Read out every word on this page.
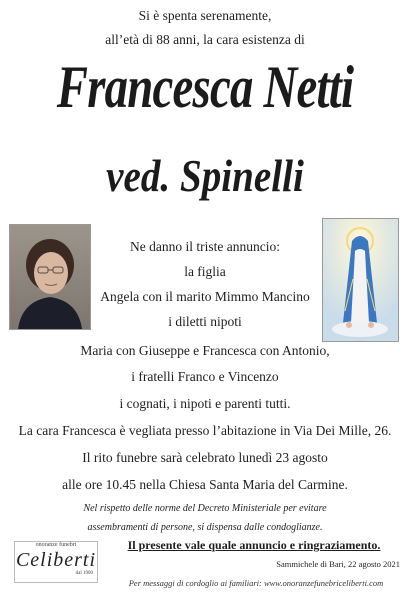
Si è spenta serenamente,
all’età di 88 anni, la cara esistenza di
Francesca Netti
ved. Spinelli
Ne danno il triste annuncio:
la figlia
Angela con il marito Mimmo Mancino
i diletti nipoti
Maria con Giuseppe e Francesca con Antonio,
i fratelli Franco e Vincenzo
i cognati, i nipoti e parenti tutti.
La cara Francesca è vegliata presso l’abitazione in Via Dei Mille, 26.
Il rito funebre sarà celebrato lunedì 23 agosto
alle ore 10.45 nella Chiesa Santa Maria del Carmine.
Nel rispetto delle norme del Decreto Ministeriale per evitare
assembramenti di persone, si dispensa dalle condoglianze.
onoranze funebri
Celiberti
dal 1900
Il presente vale quale annuncio e ringraziamento.
Sammichele di Bari, 22 agosto 2021
Per messaggi di cordoglio ai familiari: www.onoranzefunebriceliberti.com
